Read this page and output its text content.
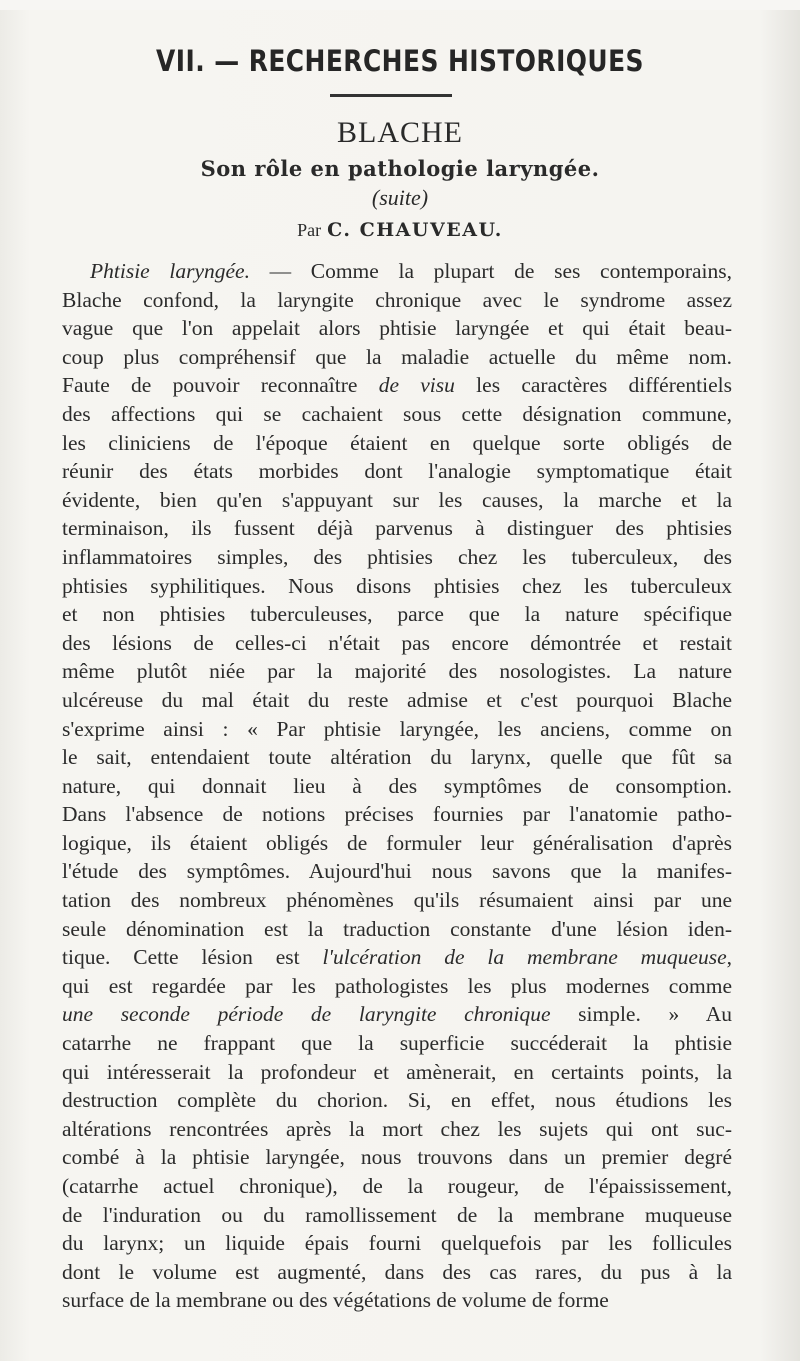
VII. — RECHERCHES HISTORIQUES
BLACHE
Son rôle en pathologie laryngée.
(suite)
Par C. CHAUVEAU.
Phtisie laryngée. — Comme la plupart de ses contemporains,
Blache confond, la laryngite chronique avec le syndrome assez
vague que l'on appelait alors phtisie laryngée et qui était beau-
coup plus compréhensif que la maladie actuelle du même nom.
Faute de pouvoir reconnaître de visu les caractères différentiels
des affections qui se cachaient sous cette désignation commune,
les cliniciens de l'époque étaient en quelque sorte obligés de
réunir des états morbides dont l'analogie symptomatique était
évidente, bien qu'en s'appuyant sur les causes, la marche et la
terminaison, ils fussent déjà parvenus à distinguer des phtisies
inflammatoires simples, des phtisies chez les tuberculeux, des
phtisies syphilitiques. Nous disons phtisies chez les tuberculeux
et non phtisies tuberculeuses, parce que la nature spécifique
des lésions de celles-ci n'était pas encore démontrée et restait
même plutôt niée par la majorité des nosologistes. La nature
ulcéreuse du mal était du reste admise et c'est pourquoi Blache
s'exprime ainsi : « Par phtisie laryngée, les anciens, comme on
le sait, entendaient toute altération du larynx, quelle que fût sa
nature, qui donnait lieu à des symptômes de consomption.
Dans l'absence de notions précises fournies par l'anatomie patho-
logique, ils étaient obligés de formuler leur généralisation d'après
l'étude des symptômes. Aujourd'hui nous savons que la manifes-
tation des nombreux phénomènes qu'ils résumaient ainsi par une
seule dénomination est la traduction constante d'une lésion iden-
tique. Cette lésion est l'ulcération de la membrane muqueuse,
qui est regardée par les pathologistes les plus modernes comme
une seconde période de laryngite chronique simple. » Au
catarrhe ne frappant que la superficie succéderait la phtisie
qui intéresserait la profondeur et amènerait, en certaints points, la
destruction complète du chorion. Si, en effet, nous étudions les
altérations rencontrées après la mort chez les sujets qui ont suc-
combé à la phtisie laryngée, nous trouvons dans un premier degré
(catarrhe actuel chronique), de la rougeur, de l'épaississement,
de l'induration ou du ramollissement de la membrane muqueuse
du larynx; un liquide épais fourni quelquefois par les follicules
dont le volume est augmenté, dans des cas rares, du pus à la
surface de la membrane ou des végétations de volume de forme
